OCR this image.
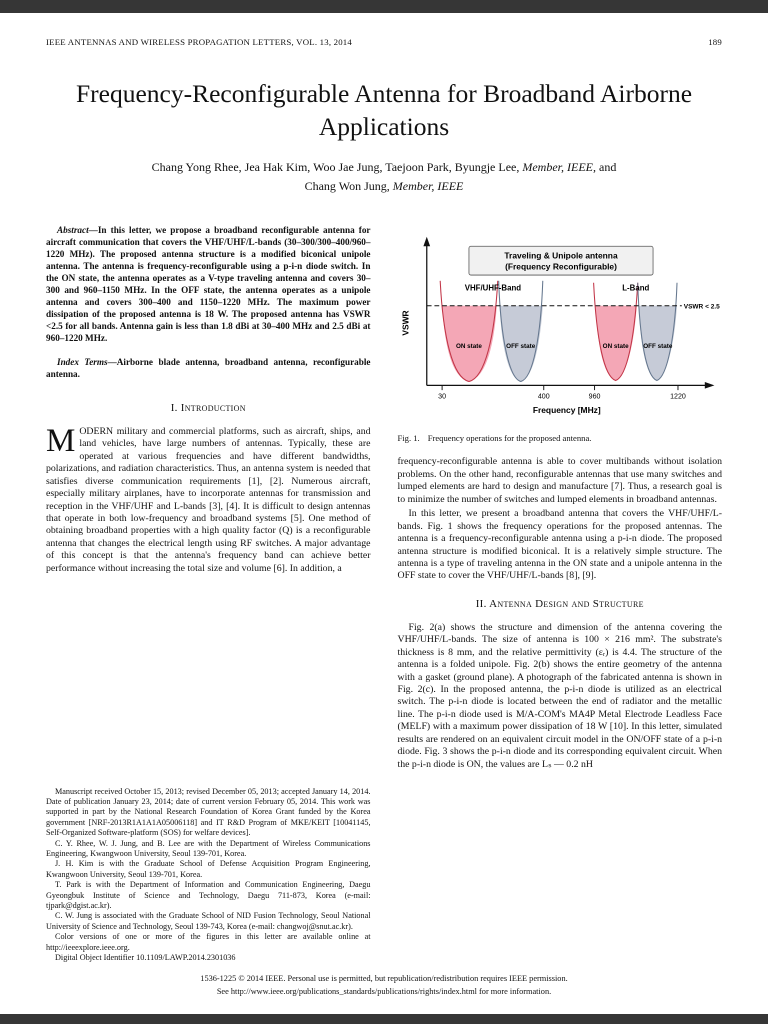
IEEE ANTENNAS AND WIRELESS PROPAGATION LETTERS, VOL. 13, 2014	189
Frequency-Reconfigurable Antenna for Broadband Airborne Applications
Chang Yong Rhee, Jea Hak Kim, Woo Jae Jung, Taejoon Park, Byungje Lee, Member, IEEE, and
Chang Won Jung, Member, IEEE

Abstract—In this letter, we propose a broadband reconfigurable antenna for aircraft communication that covers the VHF/UHF/L-bands (30–300/300–400/960–1220 MHz). The proposed antenna structure is a modified biconical unipole antenna. The antenna is frequency-reconfigurable using a p-i-n diode switch. In the ON state, the antenna operates as a V-type traveling antenna and covers 30–300 and 960–1150 MHz. In the OFF state, the antenna operates as a unipole antenna and covers 300–400 and 1150–1220 MHz. The maximum power dissipation of the proposed antenna is 18 W. The proposed antenna has VSWR <2.5 for all bands. Antenna gain is less than 1.8 dBi at 30–400 MHz and 2.5 dBi at 960–1220 MHz.

Index Terms—Airborne blade antenna, broadband antenna, reconfigurable antenna.

I. Introduction

MODERN military and commercial platforms, such as aircraft, ships, and land vehicles, have large numbers of antennas. Typically, these are operated at various frequencies and have different bandwidths, polarizations, and radiation characteristics. Thus, an antenna system is needed that satisfies diverse communication requirements [1], [2]. Numerous aircraft, especially military airplanes, have to incorporate antennas for transmission and reception in the VHF/UHF and L-bands [3], [4]. It is difficult to design antennas that operate in both low-frequency and broadband systems [5]. One method of obtaining broadband properties with a high quality factor (Q) is a reconfigurable antenna that changes the electrical length using RF switches. A major advantage of this concept is that the antenna's frequency band can achieve better performance without increasing the total size and volume [6]. In addition, a

Manuscript received October 15, 2013; revised December 05, 2013; accepted January 14, 2014. Date of publication January 23, 2014; date of current version February 05, 2014. This work was supported in part by the National Research Foundation of Korea Grant funded by the Korea government [NRF-2013R1A1A1A05006118] and IT R&D Program of MKE/KEIT [10041145, Self-Organized Software-platform (SOS) for welfare devices].

C. Y. Rhee, W. J. Jung, and B. Lee are with the Department of Wireless Communications Engineering, Kwangwoon University, Seoul 139-701, Korea.

J. H. Kim is with the Graduate School of Defense Acquisition Program Engineering, Kwangwoon University, Seoul 139-701, Korea.

T. Park is with the Department of Information and Communication Engineering, Daegu Gyeongbuk Institute of Science and Technology, Daegu 711-873, Korea (e-mail: tjpark@dgist.ac.kr).

C. W. Jung is associated with the Graduate School of NID Fusion Technology, Seoul National University of Science and Technology, Seoul 139-743, Korea (e-mail: changwoj@snut.ac.kr).

Color versions of one or more of the figures in this letter are available online at http://ieeexplore.ieee.org.

Digital Object Identifier 10.1109/LAWP.2014.2301036

VSWR < 2.5
Traveling & Unipole antenna
(Frequency Reconfigurable)
VHF/UHF-Band	L-Band
ON state	OFF state	ON state OFF state
30	400	960	1220
Frequency [MHz]
VSWR

Fig. 1. Frequency operations for the proposed antenna.

frequency-reconfigurable antenna is able to cover multibands without isolation problems. On the other hand, reconfigurable antennas that use many switches and lumped elements are hard to design and manufacture [7]. Thus, a research goal is to minimize the number of switches and lumped elements in broadband antennas.

In this letter, we present a broadband antenna that covers the VHF/UHF/L-bands. Fig. 1 shows the frequency operations for the proposed antennas. The antenna is a frequency-reconfigurable antenna using a p-i-n diode. The proposed antenna structure is modified biconical. It is a relatively simple structure. The antenna is a type of traveling antenna in the ON state and a unipole antenna in the OFF state to cover the VHF/UHF/L-bands [8], [9].

II. Antenna Design and Structure

Fig. 2(a) shows the structure and dimension of the antenna covering the VHF/UHF/L-bands. The size of antenna is 100 × 216 mm². The substrate's thickness is 8 mm, and the relative permittivity (εᵣ) is 4.4. The structure of the antenna is a folded unipole. Fig. 2(b) shows the entire geometry of the antenna with a gasket (ground plane). A photograph of the fabricated antenna is shown in Fig. 2(c). In the proposed antenna, the p-i-n diode is utilized as an electrical switch. The p-i-n diode is located between the end of radiator and the metallic line. The p-i-n diode used is M/A-COM's MA4P Metal Electrode Leadless Face (MELF) with a maximum power dissipation of 18 W [10]. In this letter, simulated results are rendered on an equivalent circuit model in the ON/OFF state of a p-i-n diode. Fig. 3 shows the p-i-n diode and its corresponding equivalent circuit. When the p-i-n diode is ON, the values are Lₛ — 0.2 nH

1536-1225 © 2014 IEEE. Personal use is permitted, but republication/redistribution requires IEEE permission.
See http://www.ieee.org/publications_standards/publications/rights/index.html for more information.
